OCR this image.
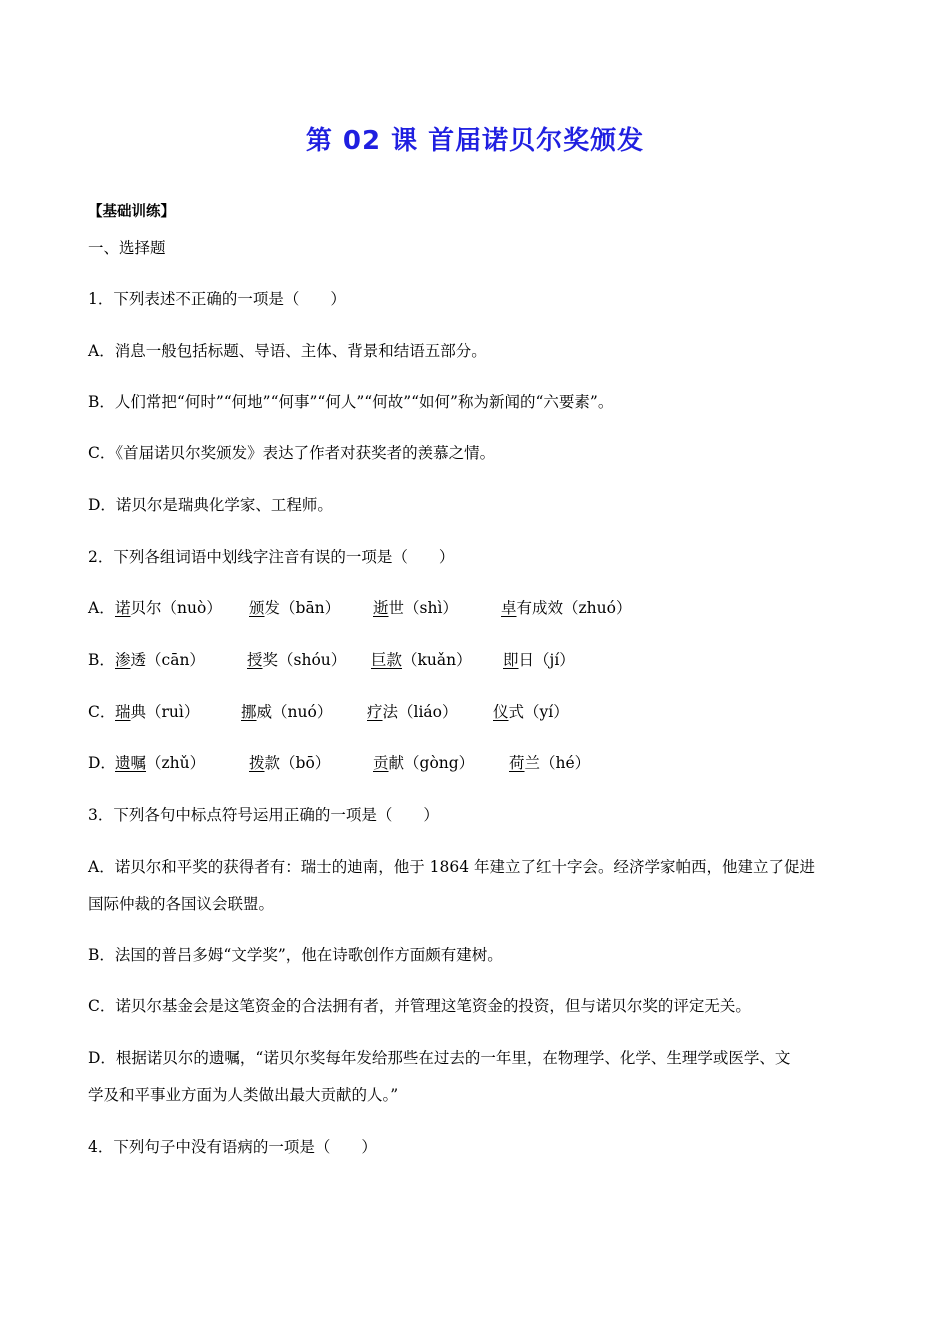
第 02 课 首届诺贝尔奖颁发
【基础训练】
一、选择题
1．下列表述不正确的一项是（　　）
A．消息一般包括标题、导语、主体、背景和结语五部分。
B．人们常把“何时”“何地”“何事”“何人”“何故”“如何”称为新闻的“六要素”。
C．《首届诺贝尔奖颁发》表达了作者对获奖者的羡慕之情。
D．诺贝尔是瑞典化学家、工程师。
2．下列各组词语中划线字注音有误的一项是（　　）
A． 诺贝尔（nuò） 颁发（bān） 逝世（shì）	卓有成效（zhuó）
B． 渗透（cān）	授奖（shóu） 巨款（kuǎn） 即日（jí）
C． 瑞典（ruì）	挪威（nuó） 疗法（liáo） 仪式（yí）
D． 遗嘱（zhǔ）	拨款（bō）	贡献（gòng） 荷兰（hé）
3．下列各句中标点符号运用正确的一项是（　　）
A．诺贝尔和平奖的获得者有：瑞士的迪南，他于 1864 年建立了红十字会。经济学家帕西，他建立了促进
国际仲裁的各国议会联盟。
B．法国的普吕多姆“文学奖”，他在诗歌创作方面颇有建树。
C．诺贝尔基金会是这笔资金的合法拥有者，并管理这笔资金的投资，但与诺贝尔奖的评定无关。
D．根据诺贝尔的遗嘱，“诺贝尔奖每年发给那些在过去的一年里，在物理学、化学、生理学或医学、文
学及和平事业方面为人类做出最大贡献的人。”
4．下列句子中没有语病的一项是（　　）
